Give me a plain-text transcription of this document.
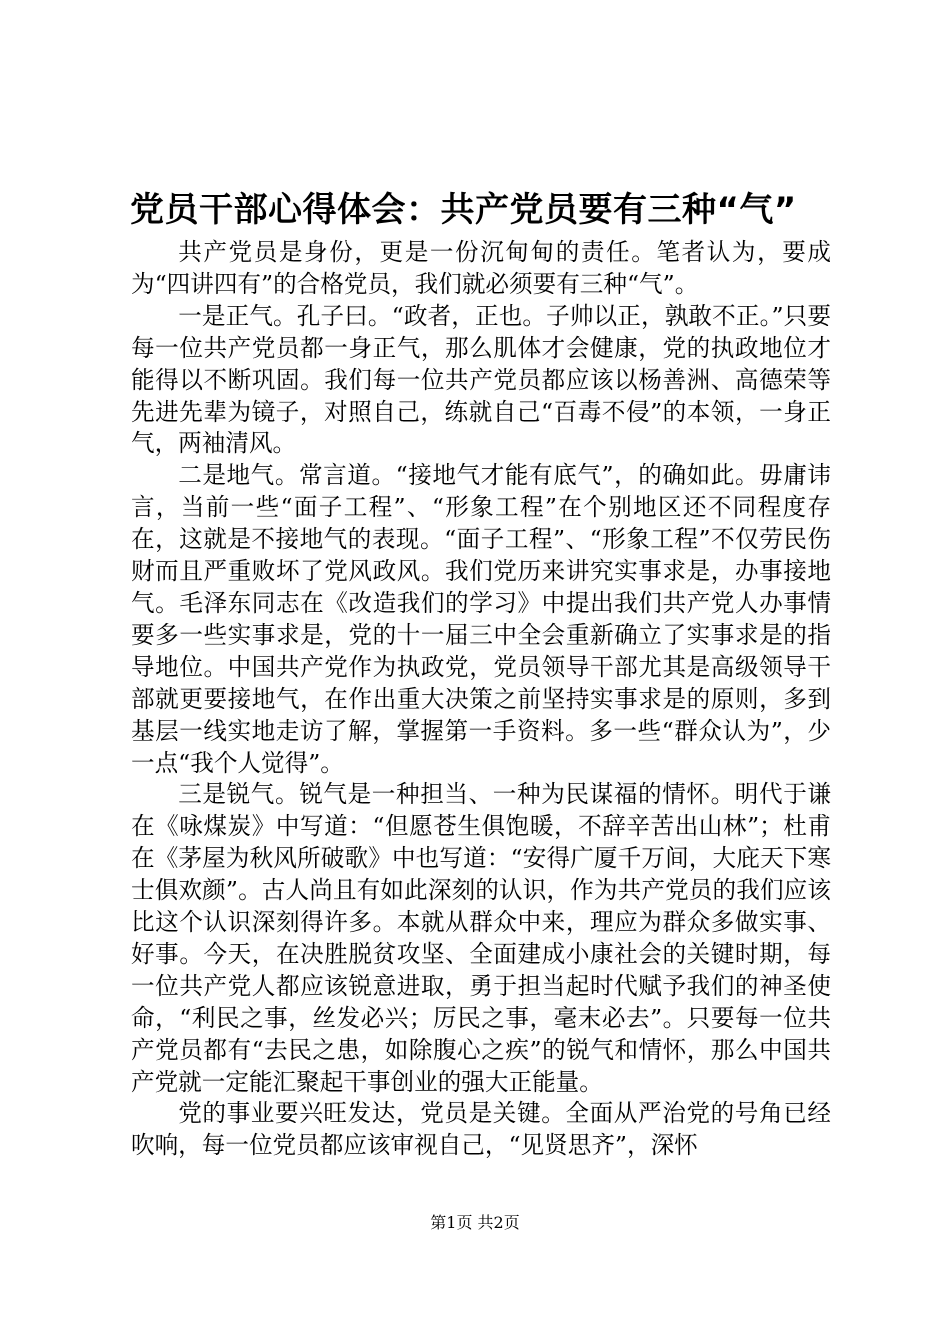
党员干部心得体会：共产党员要有三种“气”

共产党员是身份，更是一份沉甸甸的责任。笔者认为，要成为“四讲四有”的合格党员，我们就必须要有三种“气”。

一是正气。孔子曰。“政者，正也。子帅以正，孰敢不正。”只要每一位共产党员都一身正气，那么肌体才会健康，党的执政地位才能得以不断巩固。我们每一位共产党员都应该以杨善洲、高德荣等先进先辈为镜子，对照自己，练就自己“百毒不侵”的本领，一身正气，两袖清风。

二是地气。常言道。“接地气才能有底气”，的确如此。毋庸讳言，当前一些“面子工程”、“形象工程”在个别地区还不同程度存在，这就是不接地气的表现。“面子工程”、“形象工程”不仅劳民伤财而且严重败坏了党风政风。我们党历来讲究实事求是，办事接地气。毛泽东同志在《改造我们的学习》中提出我们共产党人办事情要多一些实事求是，党的十一届三中全会重新确立了实事求是的指导地位。中国共产党作为执政党，党员领导干部尤其是高级领导干部就更要接地气，在作出重大决策之前坚持实事求是的原则，多到基层一线实地走访了解，掌握第一手资料。多一些“群众认为”，少一点“我个人觉得”。

三是锐气。锐气是一种担当、一种为民谋福的情怀。明代于谦在《咏煤炭》中写道：“但愿苍生俱饱暖，不辞辛苦出山林”；杜甫在《茅屋为秋风所破歌》中也写道：“安得广厦千万间，大庇天下寒士俱欢颜”。古人尚且有如此深刻的认识，作为共产党员的我们应该比这个认识深刻得许多。本就从群众中来，理应为群众多做实事、好事。今天，在决胜脱贫攻坚、全面建成小康社会的关键时期，每一位共产党人都应该锐意进取，勇于担当起时代赋予我们的神圣使命，“利民之事，丝发必兴；厉民之事，毫末必去”。只要每一位共产党员都有“去民之患，如除腹心之疾”的锐气和情怀，那么中国共产党就一定能汇聚起干事创业的强大正能量。

党的事业要兴旺发达，党员是关键。全面从严治党的号角已经吹响，每一位党员都应该审视自己，“见贤思齐”，深怀

第1页 共2页
